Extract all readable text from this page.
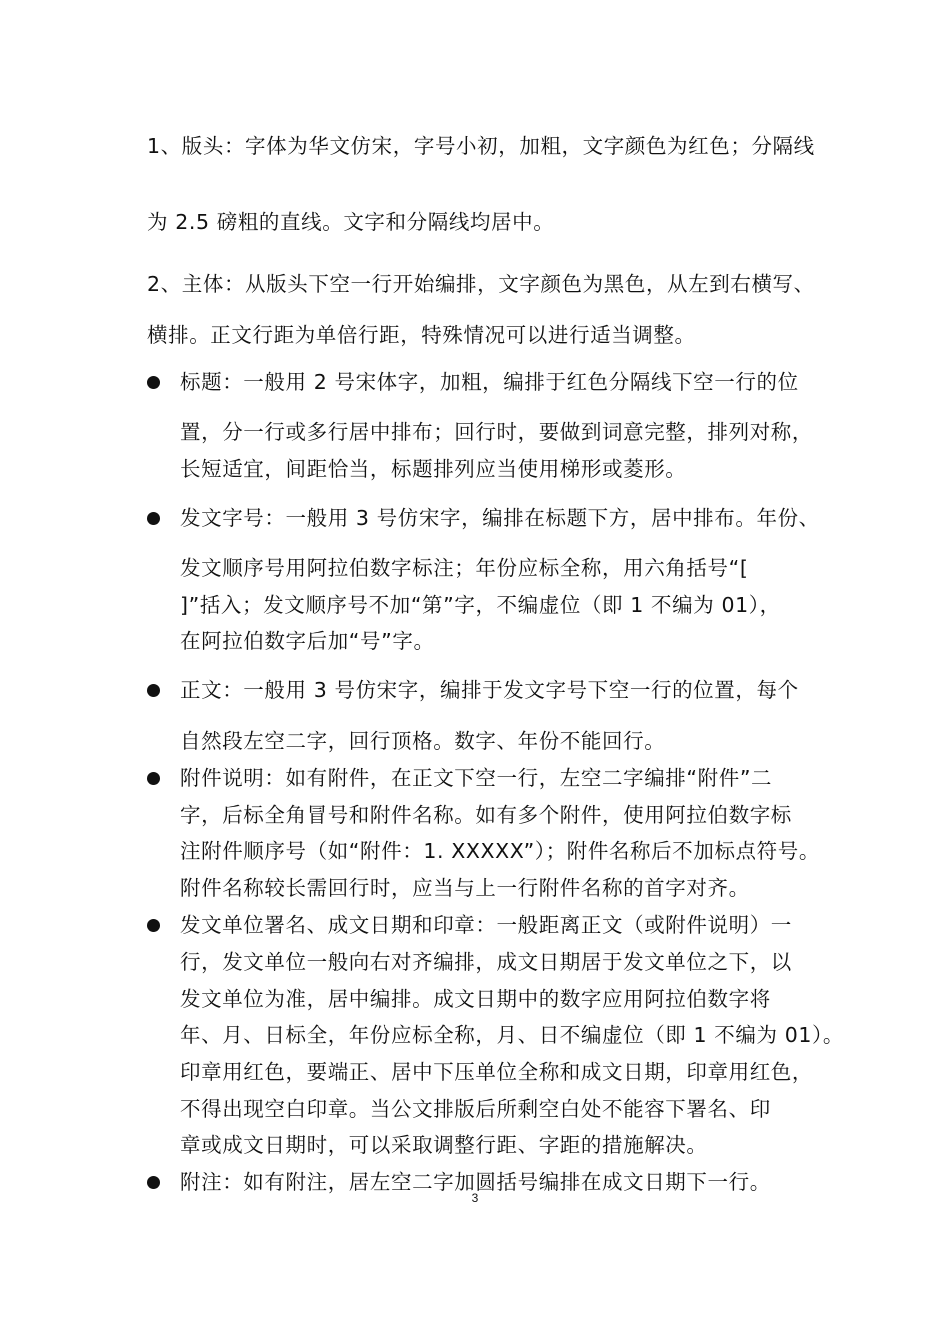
1、版头：字体为华文仿宋，字号小初，加粗，文字颜色为红色；分隔线
为 2.5 磅粗的直线。文字和分隔线均居中。
2、主体：从版头下空一行开始编排，文字颜色为黑色，从左到右横写、
横排。正文行距为单倍行距，特殊情况可以进行适当调整。
标题：一般用 2 号宋体字，加粗，编排于红色分隔线下空一行的位
置，分一行或多行居中排布；回行时，要做到词意完整，排列对称，
长短适宜，间距恰当，标题排列应当使用梯形或菱形。
发文字号：一般用 3 号仿宋字，编排在标题下方，居中排布。年份、
发文顺序号用阿拉伯数字标注；年份应标全称，用六角括号“[
]”括入；发文顺序号不加“第”字，不编虚位（即 1 不编为 01），
在阿拉伯数字后加“号”字。
正文：一般用 3 号仿宋字，编排于发文字号下空一行的位置，每个
自然段左空二字，回行顶格。数字、年份不能回行。
附件说明：如有附件，在正文下空一行，左空二字编排“附件”二
字，后标全角冒号和附件名称。如有多个附件，使用阿拉伯数字标
注附件顺序号（如“附件：1. XXXXX”）；附件名称后不加标点符号。
附件名称较长需回行时，应当与上一行附件名称的首字对齐。
发文单位署名、成文日期和印章：一般距离正文（或附件说明）一
行，发文单位一般向右对齐编排，成文日期居于发文单位之下，以
发文单位为准，居中编排。成文日期中的数字应用阿拉伯数字将
年、月、日标全，年份应标全称，月、日不编虚位（即 1 不编为 01）。
印章用红色，要端正、居中下压单位全称和成文日期，印章用红色，
不得出现空白印章。当公文排版后所剩空白处不能容下署名、印
章或成文日期时，可以采取调整行距、字距的措施解决。
附注：如有附注，居左空二字加圆括号编排在成文日期下一行。
3
